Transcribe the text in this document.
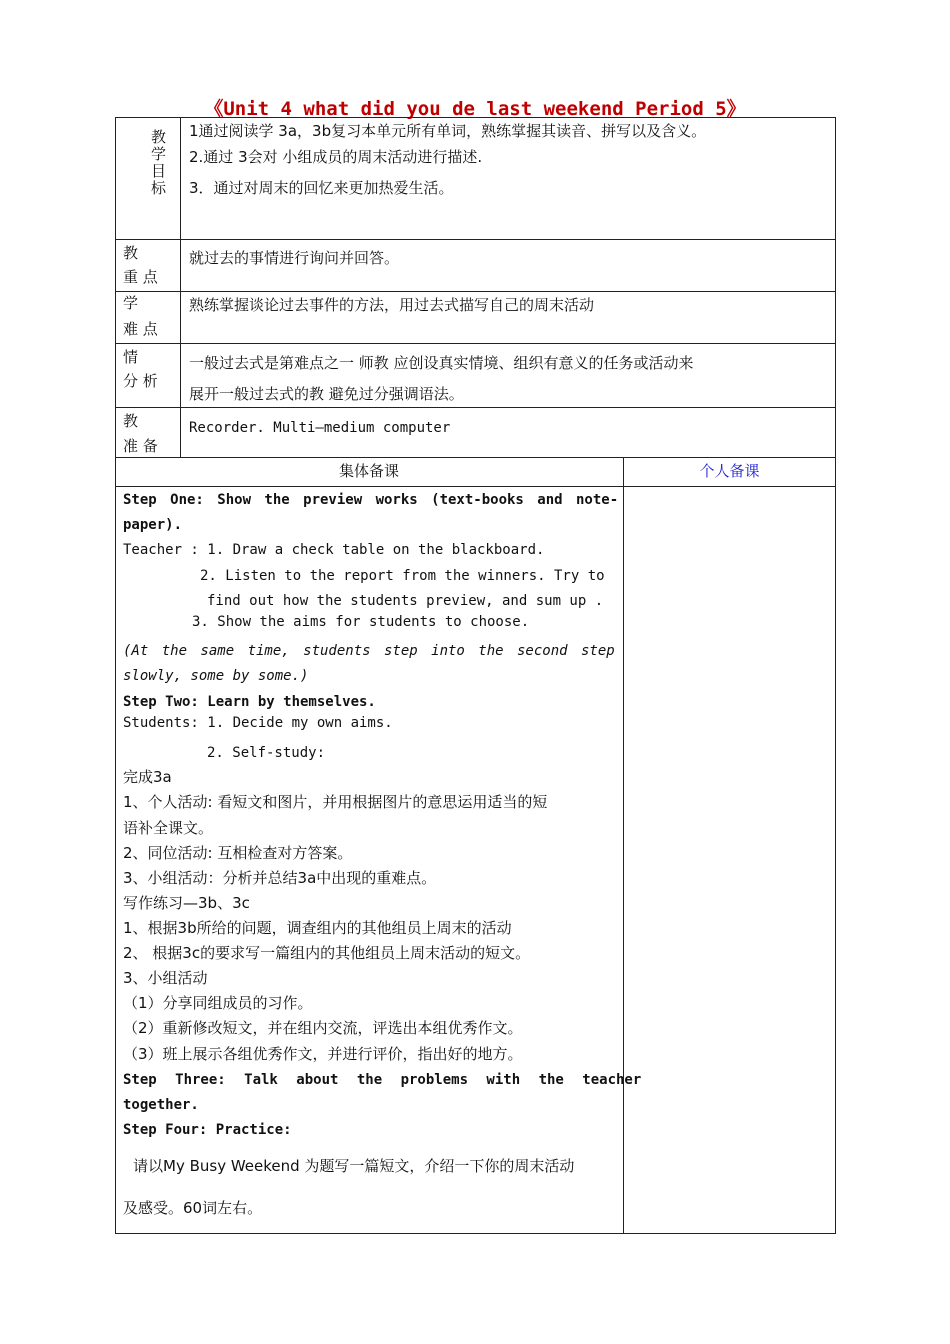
《Unit 4 what did you de last weekend Period 5》
教
学
目
标
1通过阅读学 3a，3b复习本单元所有单词，熟练掌握其读音、拼写以及含义。
2.通过 3会对 小组成员的周末活动进行描述.
3．通过对周末的回忆来更加热爱生活。
教
重 点
就过去的事情进行询问并回答。
学
难 点
熟练掌握谈论过去事件的方法，用过去式描写自己的周末活动
情
分 析
一般过去式是第难点之一 师教 应创设真实情境、组织有意义的任务或活动来
展开一般过去式的教 避免过分强调语法。
教
准 备
Recorder. Multi—medium computer
集体备课	个人备课
Step One: Show the preview works (text-books and note-
paper).
Teacher : 1. Draw a check table on the blackboard.
2. Listen to the report from the winners. Try to
find out how the students preview, and sum up .
3. Show the aims for students to choose.
(At the same time, students step into the second step
slowly, some by some.)
Step Two: Learn by themselves.
Students: 1. Decide my own aims.
2. Self-study:
完成3a
1、个人活动: 看短文和图片，并用根据图片的意思运用适当的短
语补全课文。
2、同位活动: 互相检查对方答案。
3、小组活动：分析并总结3a中出现的重难点。
写作练习—3b、3c
1、根据3b所给的问题，调查组内的其他组员上周末的活动
2、 根据3c的要求写一篇组内的其他组员上周末活动的短文。
3、小组活动
（1）分享同组成员的习作。
（2）重新修改短文，并在组内交流，评选出本组优秀作文。
（3）班上展示各组优秀作文，并进行评价，指出好的地方。
Step Three: Talk about the problems with the teacher
together.
Step Four: Practice:
请以My Busy Weekend 为题写一篇短文，介绍一下你的周末活动
及感受。60词左右。
